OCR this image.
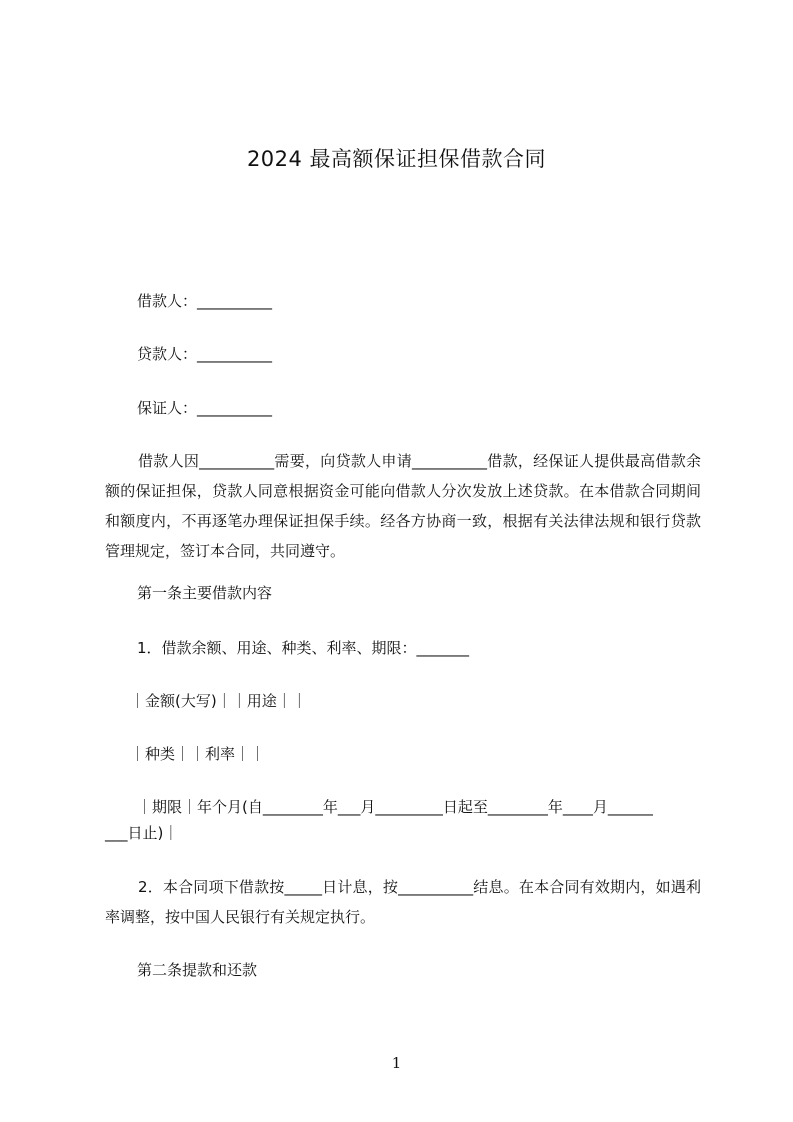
2024 最高额保证担保借款合同
借款人：__________
贷款人：__________
保证人：__________
借款人因__________需要，向贷款人申请__________借款，经保证人提供最高借款余额的保证担保，贷款人同意根据资金可能向借款人分次发放上述贷款。在本借款合同期间和额度内，不再逐笔办理保证担保手续。经各方协商一致，根据有关法律法规和银行贷款管理规定，签订本合同，共同遵守。
第一条主要借款内容
1．借款余额、用途、种类、利率、期限：_______
｜金额(大写)｜｜用途｜｜
｜种类｜｜利率｜｜
｜期限｜年个月(自________年___月_________日起至________年____月______
___日止)｜
2．本合同项下借款按_____日计息，按__________结息。在本合同有效期内，如遇利率调整，按中国人民银行有关规定执行。
第二条提款和还款
1
